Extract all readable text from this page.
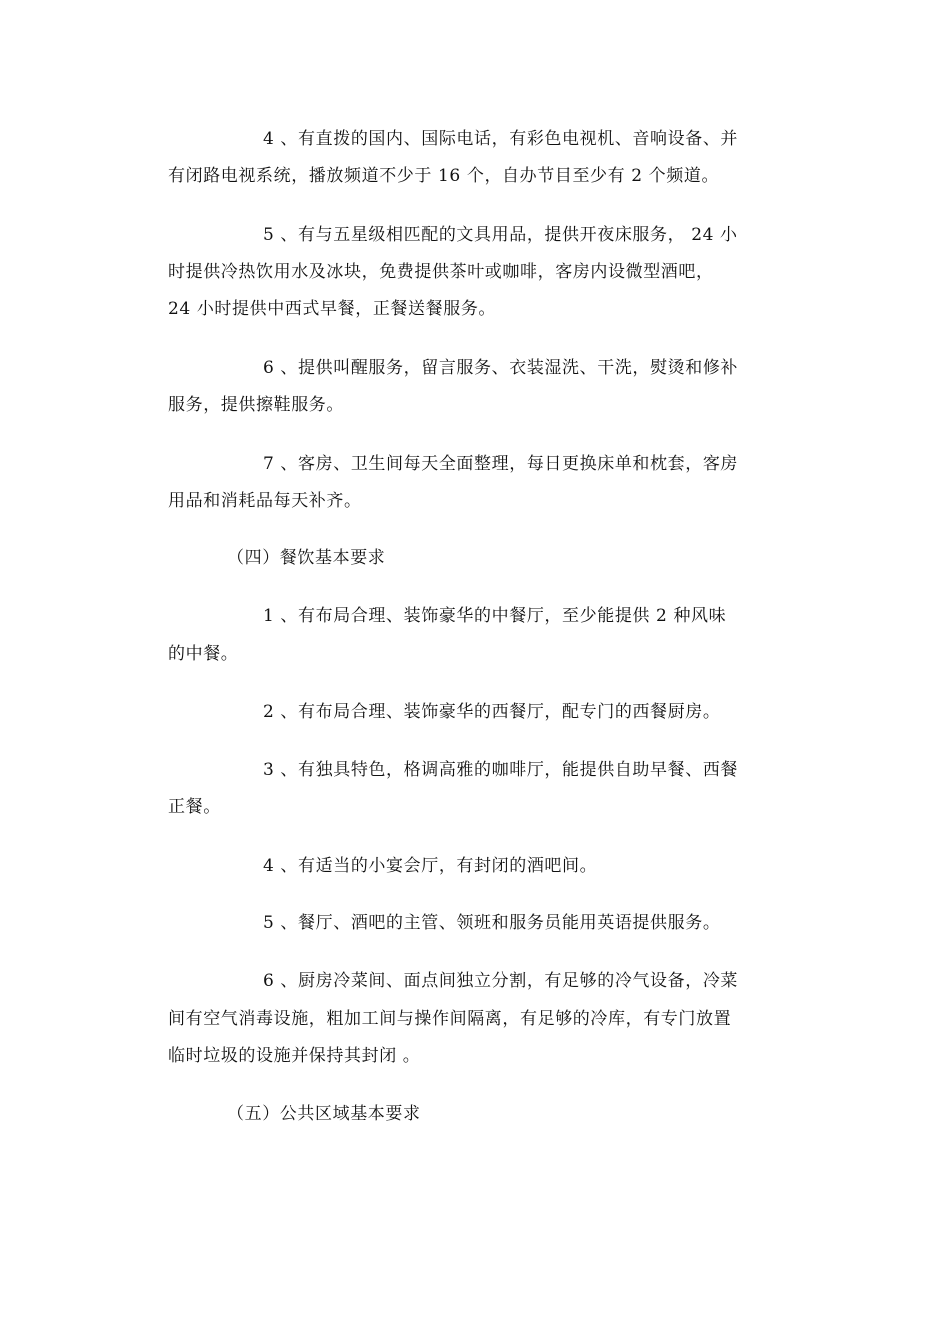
4 、有直拨的国内、国际电话，有彩色电视机、音响设备、并
有闭路电视系统，播放频道不少于 16 个，自办节目至少有 2 个频道。
5 、有与五星级相匹配的文具用品，提供开夜床服务， 24 小
时提供冷热饮用水及冰块，免费提供茶叶或咖啡，客房内设微型酒吧，
24 小时提供中西式早餐，正餐送餐服务。
6 、提供叫醒服务，留言服务、衣装湿洗、干洗，熨烫和修补
服务，提供擦鞋服务。
7 、客房、卫生间每天全面整理，每日更换床单和枕套，客房
用品和消耗品每天补齐。
（四）餐饮基本要求
1 、有布局合理、装饰豪华的中餐厅，至少能提供 2 种风味
的中餐。
2 、有布局合理、装饰豪华的西餐厅，配专门的西餐厨房。
3 、有独具特色，格调高雅的咖啡厅，能提供自助早餐、西餐
正餐。
4 、有适当的小宴会厅，有封闭的酒吧间。
5 、餐厅、酒吧的主管、领班和服务员能用英语提供服务。
6 、厨房冷菜间、面点间独立分割，有足够的冷气设备，冷菜
间有空气消毒设施，粗加工间与操作间隔离，有足够的冷库，有专门放置
临时垃圾的设施并保持其封闭 。
（五）公共区域基本要求
